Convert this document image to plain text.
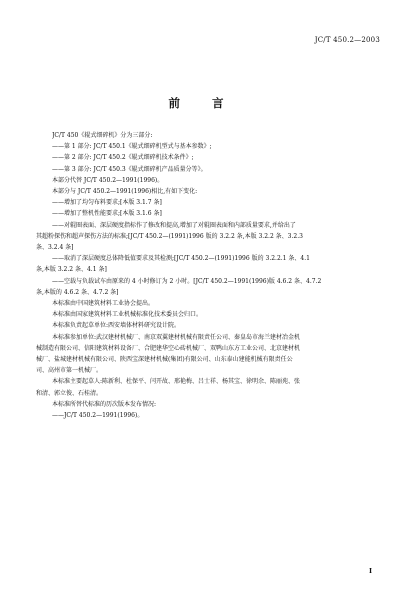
JC/T 450.2—2003
前 言
JC/T 450《辊式细碎机》分为三部分:
——第 1 部分: JC/T 450.1《辊式细碎机型式与基本参数》;
——第 2 部分: JC/T 450.2《辊式细碎机技术条件》;
——第 3 部分: JC/T 450.3《辊式细碎机产品质量分等》。
本部分代替 JC/T 450.2—1991(1996)。
本部分与 JC/T 450.2—1991(1996)相比,有如下变化:
——增加了均匀布料要求;[本版 3.1.7 条]
——增加了整机性能要求;[本版 3.1.6 条]
——对辊圈表面、深层硬度指标作了修改和提高,增加了对辊圈表面和内部质量要求,并给出了
其超粉探伤和超声探伤方法的标准;[JC/T 450.2—(1991)1996 版的 3.2.2 条,本版 3.2.2 条、3.2.3
条、3.2.4 条]
——取消了深层硬度总体降低值要求及其检测;[JC/T 450.2—(1991)1996 版的 3.2.2.1 条、4.1
条,本版 3.2.2 条、4.1 条]
——空载与负载试车由原来的 4 小时修订为 2 小时。[JC/T 450.2—1991(1996)版 4.6.2 条、4.7.2
条,本版的 4.6.2 条、4.7.2 条]
本标准由中国建筑材料工业协会提出。
本标准由国家建筑材料工业机械标准化技术委员会归口。
本标准负责起草单位:西安墙体材料研究设计院。
本标准参加单位:武汉建材机械厂、南京双翼建材机械有限责任公司、秦皇岛市海兰建材冶金机
械制造有限公司、信阳建筑材料设备厂、合肥建华空心砖机械厂、双鸭山东方工业公司、北京建材机
械厂、盐城建材机械有限公司、陕西宝深建材机械(集团)有限公司、山东泰山建能机械有限责任公
司、高州市第一机械厂。
本标准主要起草人:陈新利、杜保平、闫开故、邢艳梅、吕士祥、杨其宝、徐明余、陈丽苑、张
和清、郭立俊、石桂清。
本标准所替代标准的历次版本发布情况:
——JC/T 450.2—1991(1996)。
I
